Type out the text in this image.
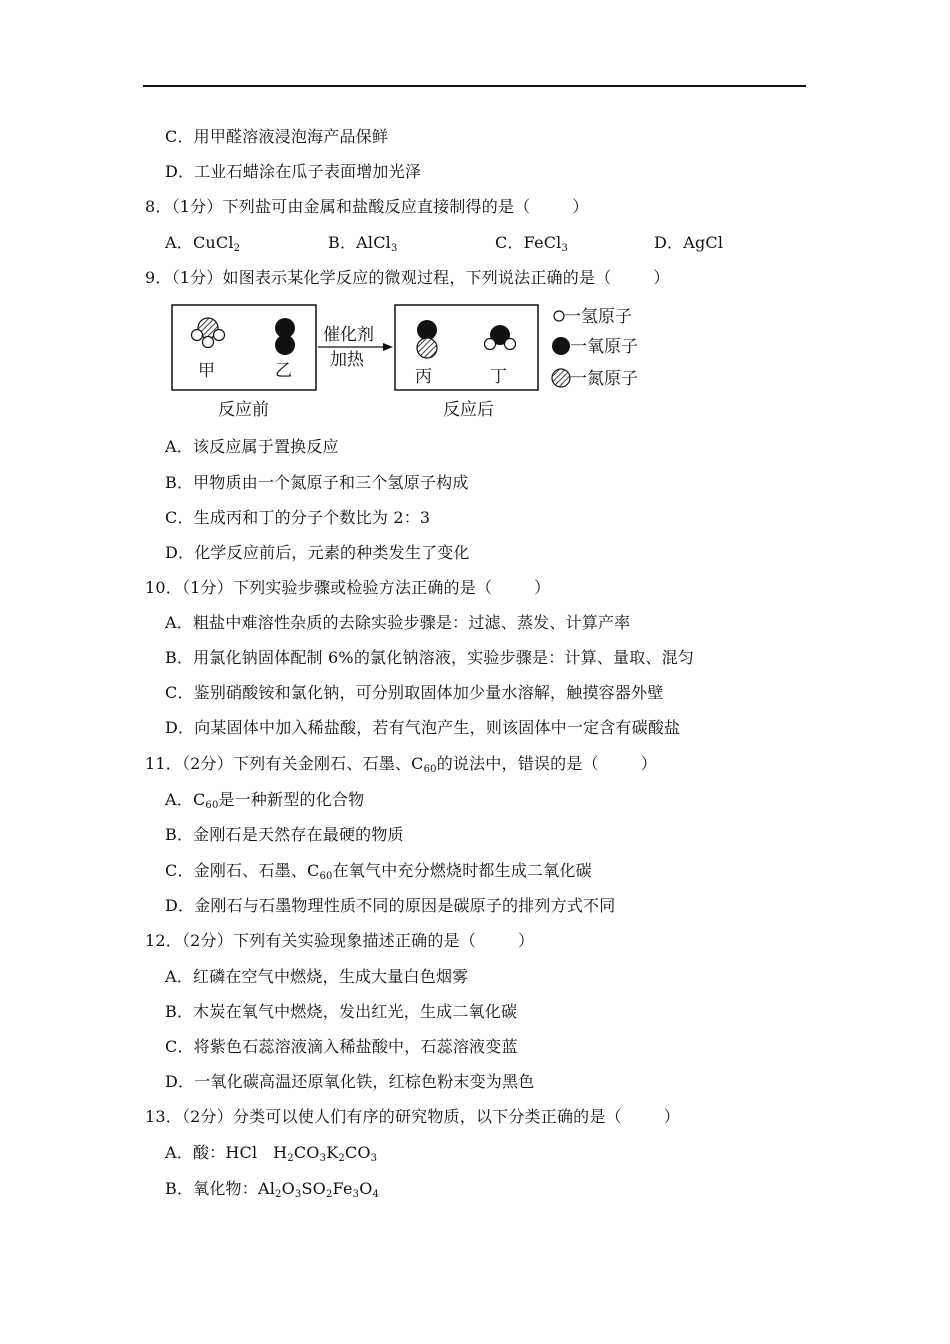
C．用甲醛溶液浸泡海产品保鲜
D．工业石蜡涂在瓜子表面增加光泽
8．（1分）下列盐可由金属和盐酸反应直接制得的是（	）
A．CuCl$_2$	B．AlCl$_3$	C．FeCl$_3$	D．AgCl
9．（1分）如图表示某化学反应的微观过程，下列说法正确的是（	）
甲	乙
催化剂
加热
丙	丁
反应前	反应后
一氢原子
一氧原子
一氮原子
A．该反应属于置换反应
B．甲物质由一个氮原子和三个氢原子构成
C．生成丙和丁的分子个数比为 2：3
D．化学反应前后，元素的种类发生了变化
10．（1分）下列实验步骤或检验方法正确的是（	）
A．粗盐中难溶性杂质的去除实验步骤是：过滤、蒸发、计算产率
B．用氯化钠固体配制 6%的氯化钠溶液，实验步骤是：计算、量取、混匀
C．鉴别硝酸铵和氯化钠，可分别取固体加少量水溶解，触摸容器外壁
D．向某固体中加入稀盐酸，若有气泡产生，则该固体中一定含有碳酸盐
11．（2分）下列有关金刚石、石墨、$C_{60}$的说法中，错误的是（	）
A．$C_{60}$是一种新型的化合物
B．金刚石是天然存在最硬的物质
C．金刚石、石墨、$C_{60}$在氧气中充分燃烧时都生成二氧化碳
D．金刚石与石墨物理性质不同的原因是碳原子的排列方式不同
12．（2分）下列有关实验现象描述正确的是（	）
A．红磷在空气中燃烧，生成大量白色烟雾
B．木炭在氧气中燃烧，发出红光，生成二氧化碳
C．将紫色石蕊溶液滴入稀盐酸中，石蕊溶液变蓝
D．一氧化碳高温还原氧化铁，红棕色粉末变为黑色
13．（2分）分类可以使人们有序的研究物质，以下分类正确的是（	）
A．酸：HCl $H_2CO_3K_2CO_3$
B．氧化物：$Al_2O_3SO_2Fe_3O_4$
